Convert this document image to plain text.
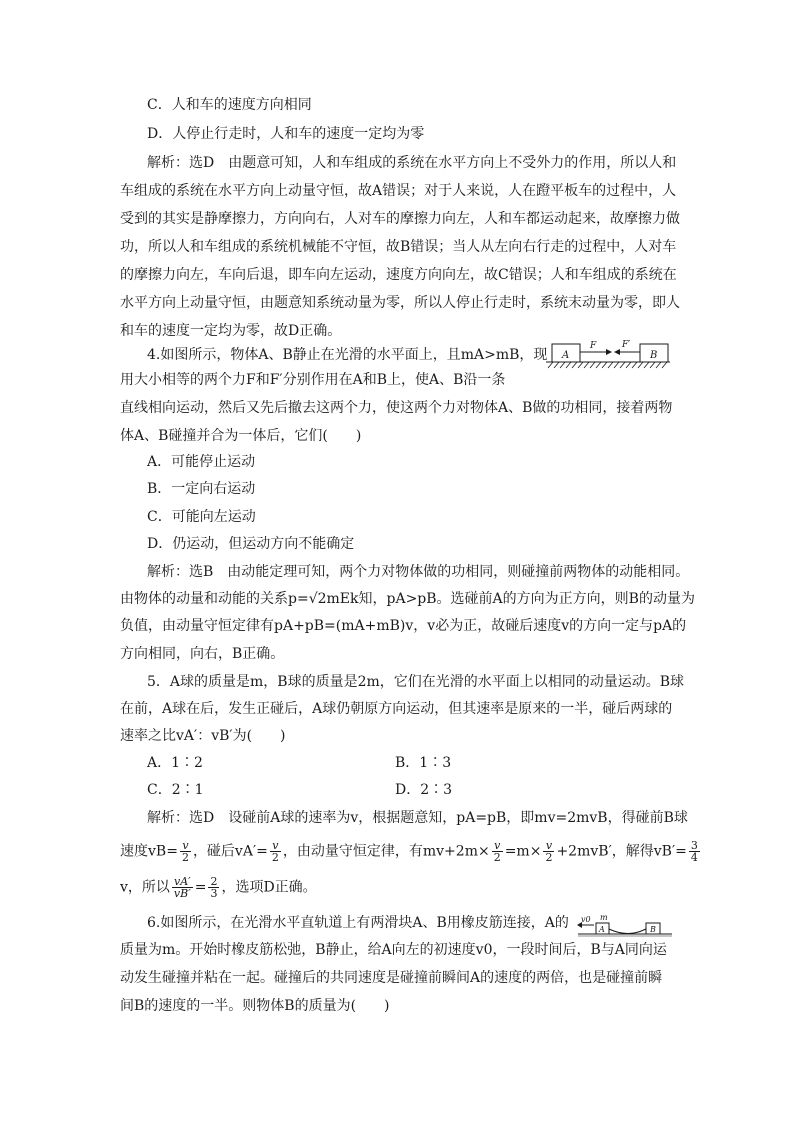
C．人和车的速度方向相同
D．人停止行走时，人和车的速度一定均为零
解析：选D　由题意可知，人和车组成的系统在水平方向上不受外力的作用，所以人和
车组成的系统在水平方向上动量守恒，故A错误；对于人来说，人在蹬平板车的过程中，人
受到的其实是静摩擦力，方向向右，人对车的摩擦力向左，人和车都运动起来，故摩擦力做
功，所以人和车组成的系统机械能不守恒，故B错误；当人从左向右行走的过程中，人对车
的摩擦力向左，车向后退，即车向左运动，速度方向向左，故C错误；人和车组成的系统在
水平方向上动量守恒，由题意知系统动量为零，所以人停止行走时，系统末动量为零，即人
和车的速度一定均为零，故D正确。
4.如图所示，物体A、B静止在光滑的水平面上，且mA>mB，现
用大小相等的两个力F和F′分别作用在A和B上，使A、B沿一条
直线相向运动，然后又先后撤去这两个力，使这两个力对物体A、B做的功相同，接着两物
体A、B碰撞并合为一体后，它们(　　)
A
F	F′
B
A．可能停止运动
B．一定向右运动
C．可能向左运动
D．仍运动，但运动方向不能确定
解析：选B　由动能定理可知，两个力对物体做的功相同，则碰撞前两物体的动能相同。
由物体的动量和动能的关系p=√2mEk知，pA>pB。选碰前A的方向为正方向，则B的动量为
负值，由动量守恒定律有pA+pB=(mA+mB)v，v必为正，故碰后速度v的方向一定与pA的
方向相同，向右，B正确。
5．A球的质量是m，B球的质量是2m，它们在光滑的水平面上以相同的动量运动。B球
在前，A球在后，发生正碰后，A球仍朝原方向运动，但其速率是原来的一半，碰后两球的
速率之比vA′：vB′为(　　)
A．1∶2	B．1∶3
C．2∶1	D．2∶3
解析：选D　设碰前A球的速率为v，根据题意知，pA=pB，即mv=2mvB，得碰前B球
速度$vB= \frac{v}{2}$ ，碰后$vA'= \frac{v}{2}$ ，由动量守恒定律，有$mv+2m\times \frac{v}{2} =m\times \frac{v}{2} +2mvB'$，解得$vB'= \frac{3}{4}$
v，所以 $\frac{vA'}{vB'} = \frac{2}{3}$ ，选项D正确。
6.如图所示，在光滑水平直轨道上有两滑块A、B用橡皮筋连接，A的
质量为m。开始时橡皮筋松弛，B静止，给A向左的初速度v0，一段时间后，B与A同向运
动发生碰撞并粘在一起。碰撞后的共同速度是碰撞前瞬间A的速度的两倍，也是碰撞前瞬
间B的速度的一半。则物体B的质量为(　　)
v0 m
A	B
